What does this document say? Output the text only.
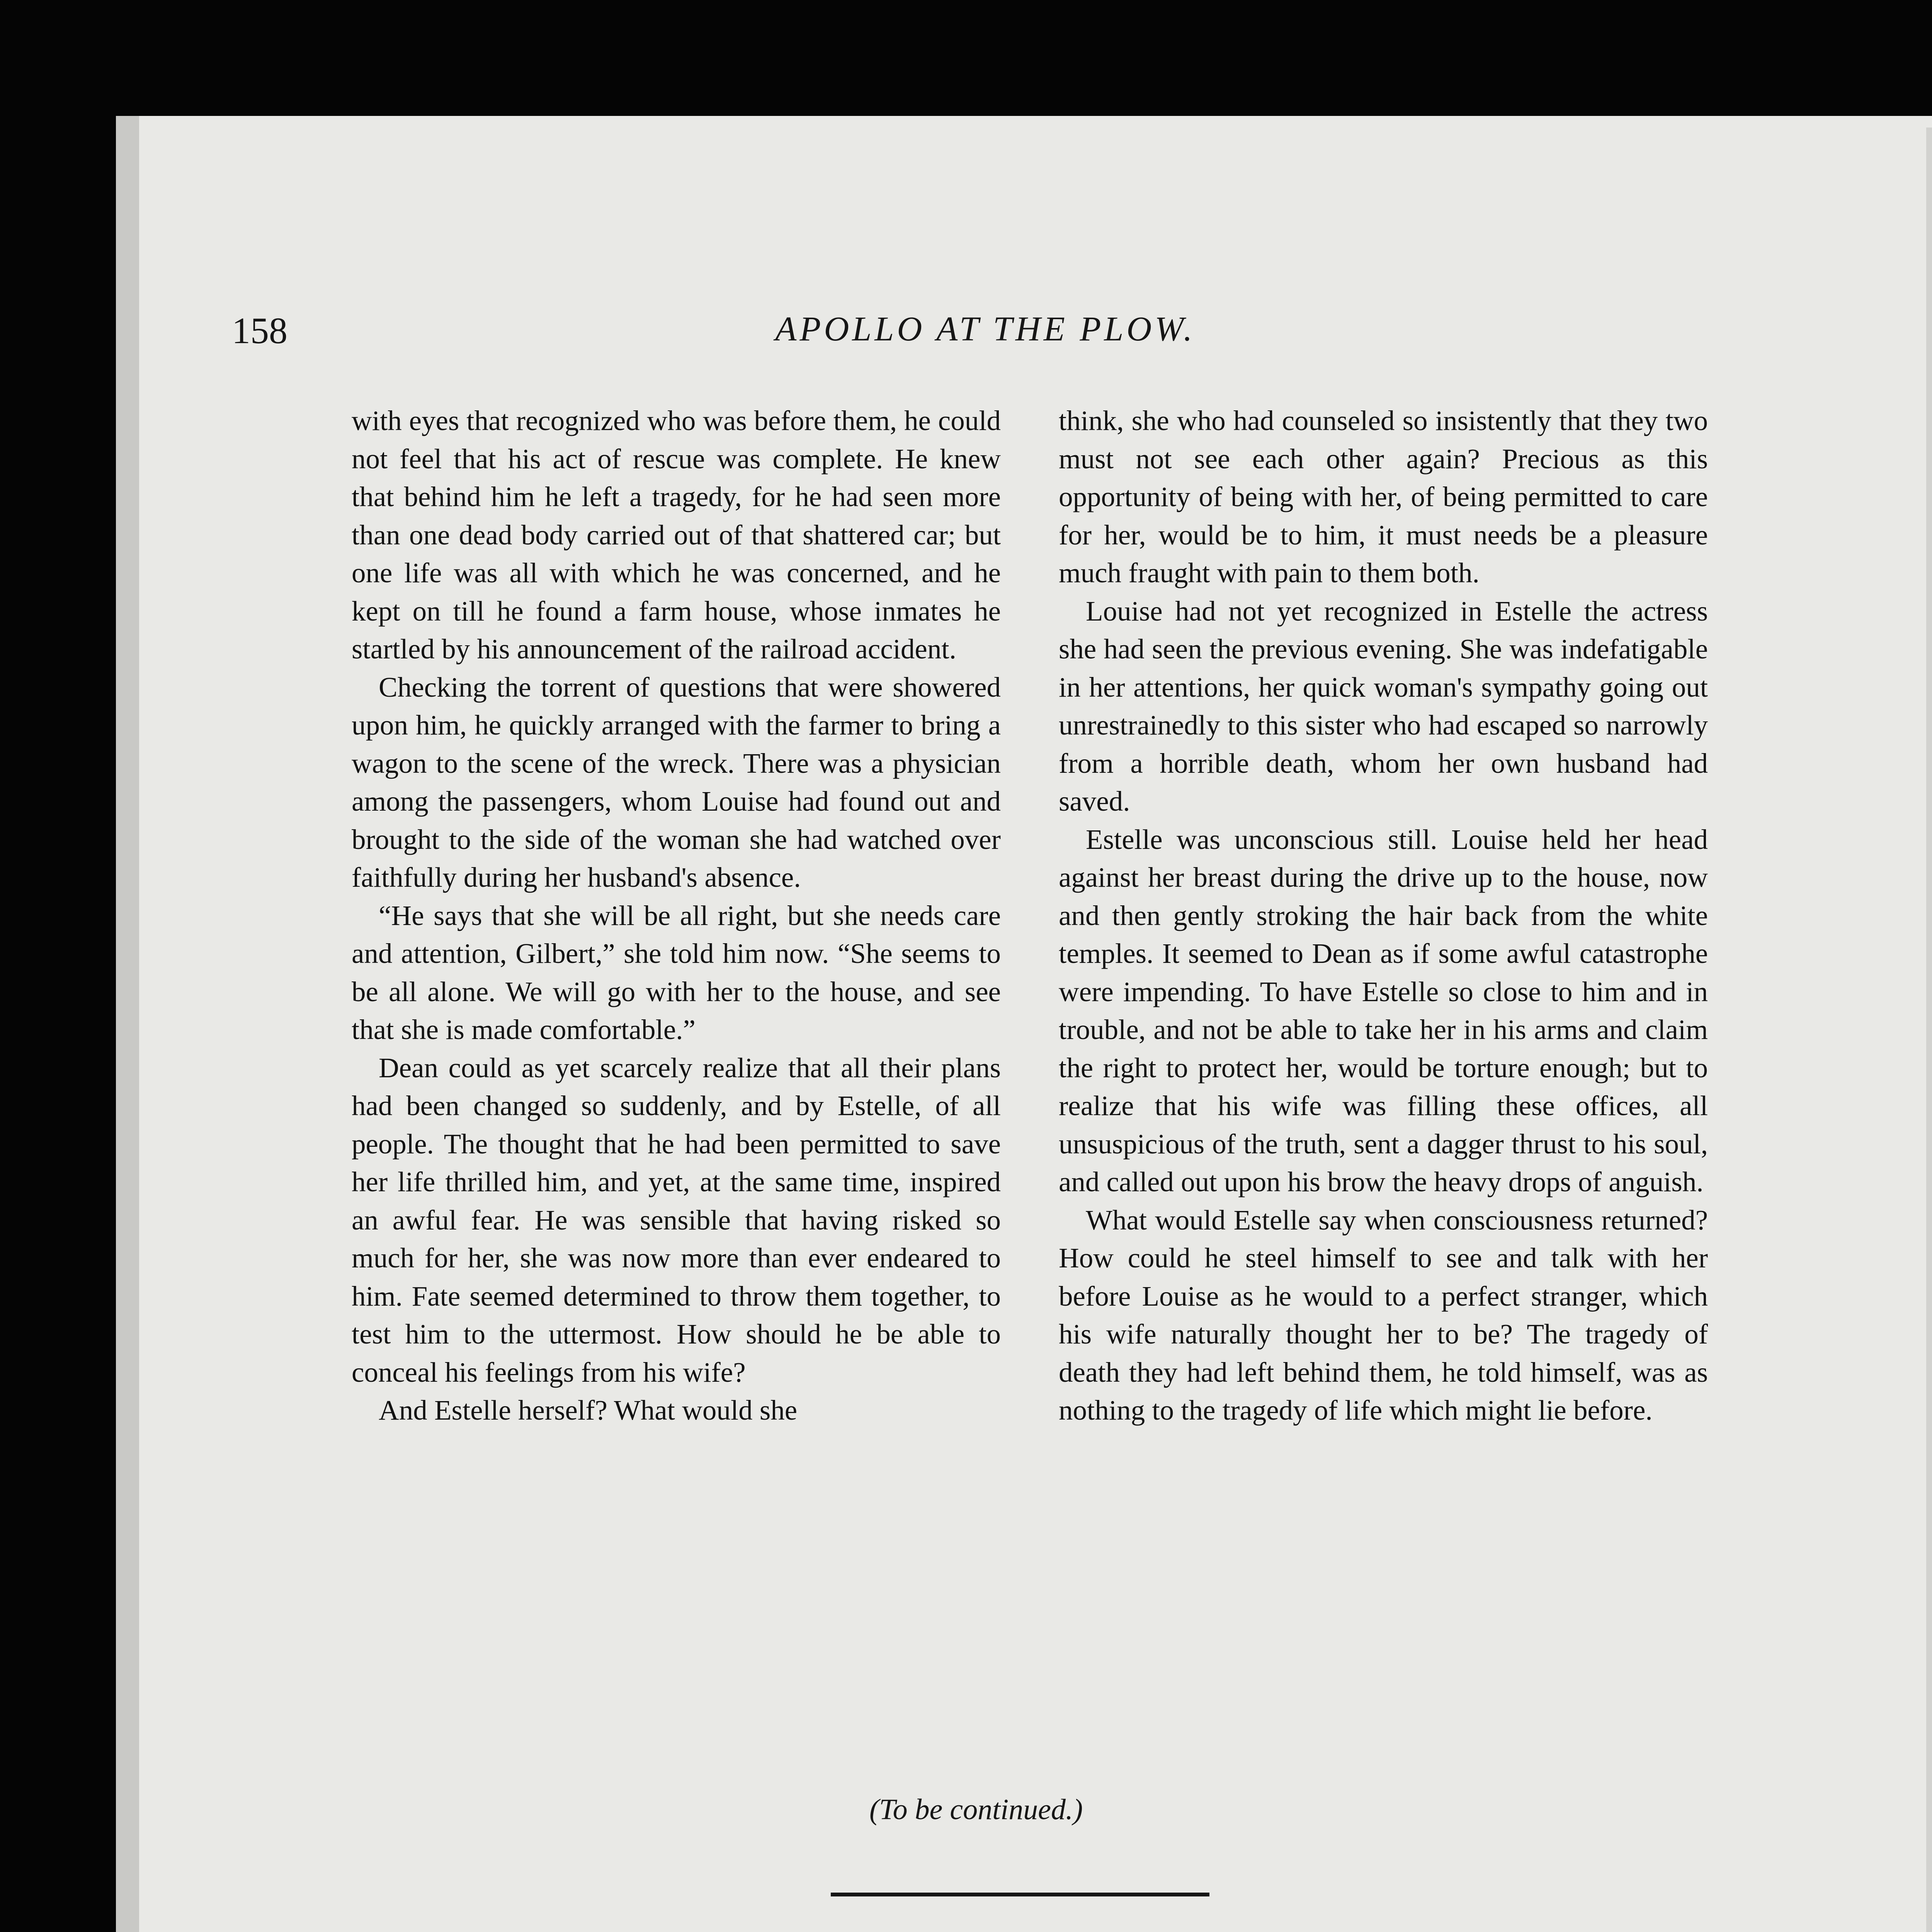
158	APOLLO AT THE PLOW.

with eyes that recognized who was before them, he could not feel that his act of rescue was complete. He knew that behind him he left a tragedy, for he had seen more than one dead body carried out of that shattered car; but one life was all with which he was concerned, and he kept on till he found a farm house, whose inmates he startled by his announcement of the railroad accident.

Checking the torrent of questions that were showered upon him, he quickly arranged with the farmer to bring a wagon to the scene of the wreck. There was a physician among the passengers, whom Louise had found out and brought to the side of the woman she had watched over faithfully during her husband's absence.

“He says that she will be all right, but she needs care and attention, Gilbert,” she told him now. “She seems to be all alone. We will go with her to the house, and see that she is made comfortable.”

Dean could as yet scarcely realize that all their plans had been changed so suddenly, and by Estelle, of all people. The thought that he had been permitted to save her life thrilled him, and yet, at the same time, inspired an awful fear. He was sensible that having risked so much for her, she was now more than ever endeared to him. Fate seemed determined to throw them together, to test him to the uttermost. How should he be able to conceal his feelings from his wife?

And Estelle herself? What would she

think, she who had counseled so insistently that they two must not see each other again? Precious as this opportunity of being with her, of being permitted to care for her, would be to him, it must needs be a pleasure much fraught with pain to them both.

Louise had not yet recognized in Estelle the actress she had seen the previous evening. She was indefatigable in her attentions, her quick woman's sympathy going out unrestrainedly to this sister who had escaped so narrowly from a horrible death, whom her own husband had saved.

Estelle was unconscious still. Louise held her head against her breast during the drive up to the house, now and then gently stroking the hair back from the white temples. It seemed to Dean as if some awful catastrophe were impending. To have Estelle so close to him and in trouble, and not be able to take her in his arms and claim the right to protect her, would be torture enough; but to realize that his wife was filling these offices, all unsuspicious of the truth, sent a dagger thrust to his soul, and called out upon his brow the heavy drops of anguish.

What would Estelle say when consciousness returned? How could he steel himself to see and talk with her before Louise as he would to a perfect stranger, which his wife naturally thought her to be? The tragedy of death they had left behind them, he told himself, was as nothing to the tragedy of life which might lie before.

(To be continued.)
